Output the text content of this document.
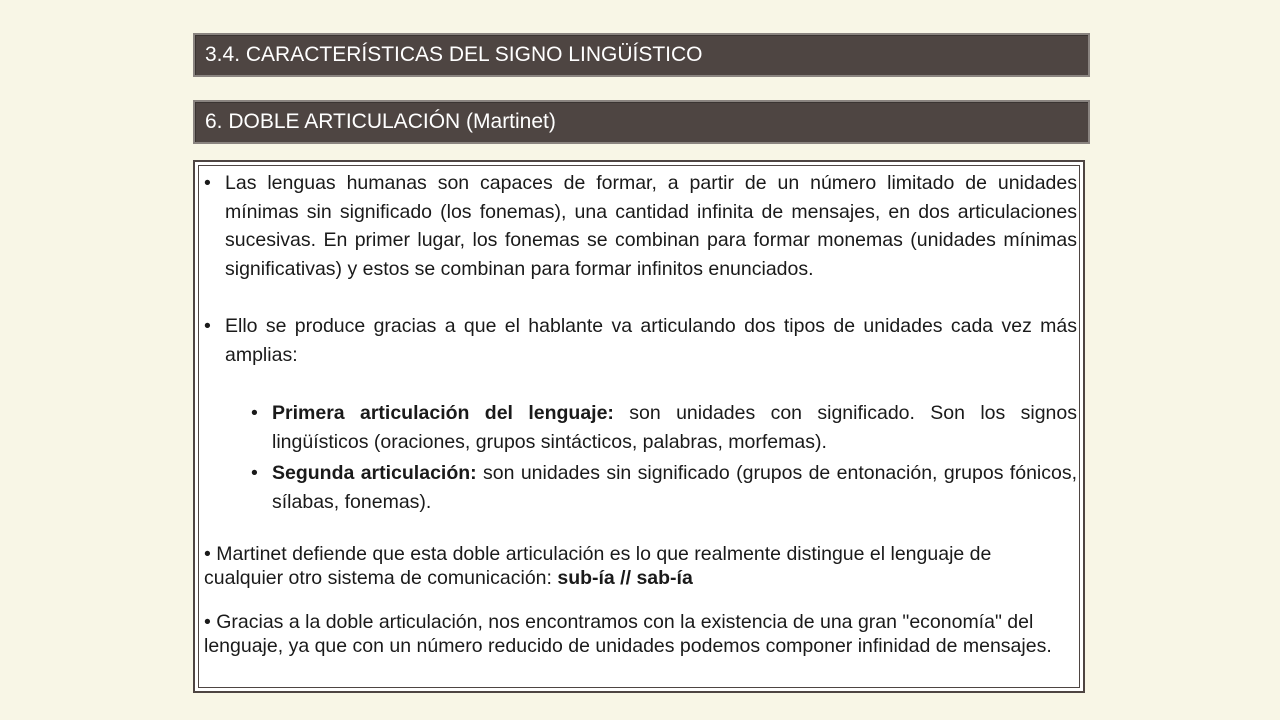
3.4. CARACTERÍSTICAS DEL SIGNO LINGÜÍSTICO
6. DOBLE ARTICULACIÓN (Martinet)
• Las lenguas humanas son capaces de formar, a partir de un número limitado de unidades mínimas sin significado (los fonemas), una cantidad infinita de mensajes, en dos articulaciones sucesivas. En primer lugar, los fonemas se combinan para formar monemas (unidades mínimas significativas) y estos se combinan para formar infinitos enunciados.
• Ello se produce gracias a que el hablante va articulando dos tipos de unidades cada vez más amplias:
• Primera articulación del lenguaje: son unidades con significado. Son los signos lingüísticos (oraciones, grupos sintácticos, palabras, morfemas).
• Segunda articulación: son unidades sin significado (grupos de entonación, grupos fónicos, sílabas, fonemas).
• Martinet defiende que esta doble articulación es lo que realmente distingue el lenguaje de cualquier otro sistema de comunicación: sub-ía // sab-ía
• Gracias a la doble articulación, nos encontramos con la existencia de una gran "economía" del lenguaje, ya que con un número reducido de unidades podemos componer infinidad de mensajes.
